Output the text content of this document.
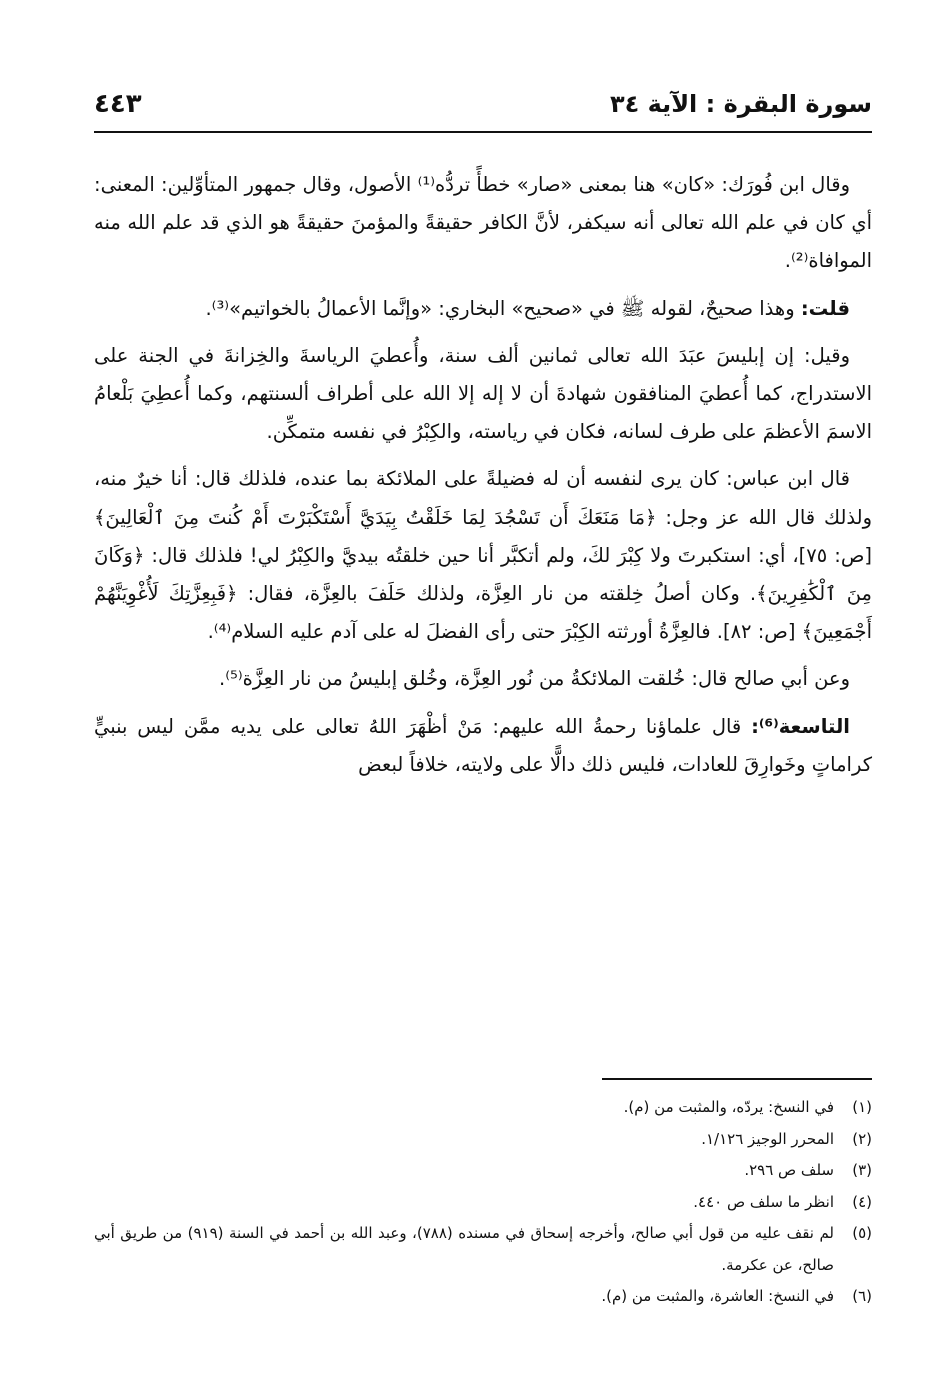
سورة البقرة : الآية ٣٤
٤٤٣

وقال ابن فُورَك: «كان» هنا بمعنى «صار» خطأً تردُّه⁽¹⁾ الأصول، وقال جمهور المتأوِّلين: المعنى: أي كان في علم الله تعالى أنه سيكفر، لأنَّ الكافر حقيقةً والمؤمنَ حقيقةً هو الذي قد علم الله منه الموافاة⁽²⁾.

قلت: وهذا صحيحٌ، لقوله ﷺ في «صحيح» البخاري: «وإنَّما الأعمالُ بالخواتيم»⁽³⁾.

وقيل: إن إبليسَ عبَدَ الله تعالى ثمانين ألف سنة، وأُعطيَ الرياسةَ والخِزانةَ في الجنة على الاستدراج، كما أُعطيَ المنافقون شهادةَ أن لا إله إلا الله على أطراف ألسنتهم، وكما أُعطِيَ بَلْعامُ الاسمَ الأعظمَ على طرف لسانه، فكان في رياسته، والكِبْرُ في نفسه متمكِّن.

قال ابن عباس: كان يرى لنفسه أن له فضيلةً على الملائكة بما عنده، فلذلك قال: أنا خيرٌ منه، ولذلك قال الله عز وجل: ﴿مَا مَنَعَكَ أَن تَسْجُدَ لِمَا خَلَقْتُ بِيَدَيَّ أَسْتَكْبَرْتَ أَمْ كُنتَ مِنَ ٱلْعَالِينَ﴾ [ص: ٧٥]، أي: استكبرتَ ولا كِبْرَ لكَ، ولم أتكبَّر أنا حين خلقتُه بيديَّ والكِبْرُ لي! فلذلك قال: ﴿وَكَانَ مِنَ ٱلْكَٰفِرِينَ﴾. وكان أصلُ خِلقته من نار العِزَّة، ولذلك حَلَفَ بالعِزَّة، فقال: ﴿فَبِعِزَّتِكَ لَأُغْوِيَنَّهُمْ أَجْمَعِينَ﴾ [ص: ٨٢]. فالعِزَّةُ أورثته الكِبْرَ حتى رأى الفضلَ له على آدم عليه السلام⁽⁴⁾.

وعن أبي صالح قال: خُلقت الملائكةُ من نُور العِزَّة، وخُلق إبليسُ من نار العِزَّة⁽⁵⁾.

التاسعة⁽⁶⁾: قال علماؤنا رحمةُ الله عليهم: مَنْ أظْهَرَ اللهُ تعالى على يديه ممَّن ليس بنبيٍّ كراماتٍ وخَوارِقَ للعادات، فليس ذلك دالًّا على ولايته، خلافاً لبعض

(١)
في النسخ: يردّه، والمثبت من (م).
(٢)
المحرر الوجيز ١/١٢٦.
(٣)
سلف ص ٢٩٦.
(٤)
انظر ما سلف ص ٤٤٠.
(٥)
لم نقف عليه من قول أبي صالح، وأخرجه إسحاق في مسنده (٧٨٨)، وعبد الله بن أحمد في السنة (٩١٩) من طريق أبي صالح، عن عكرمة.
(٦)
في النسخ: العاشرة، والمثبت من (م).
